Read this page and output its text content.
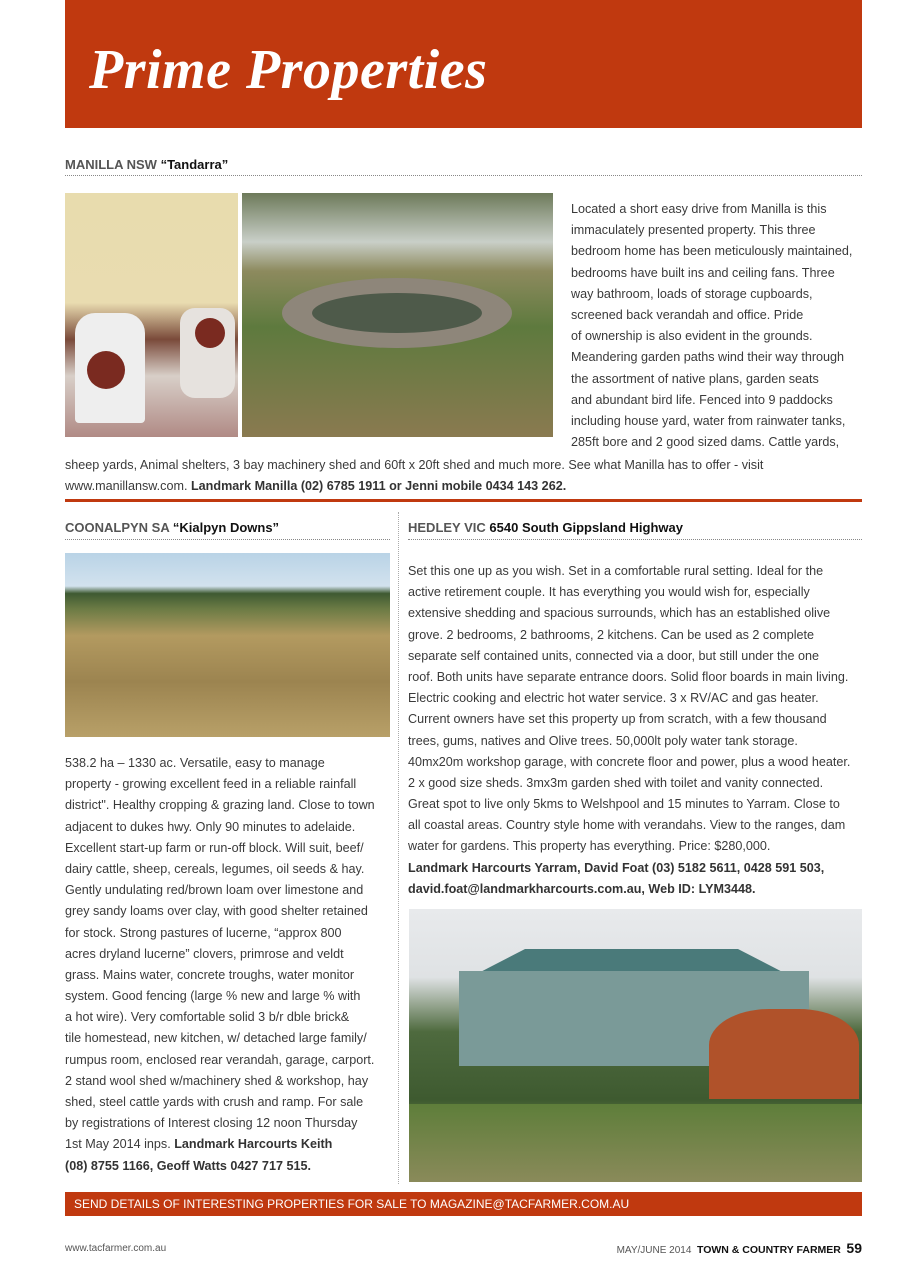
Prime Properties
MANILLA NSW “Tandarra”
Located a short easy drive from Manilla is this
immaculately presented property. This three
bedroom home has been meticulously maintained,
bedrooms have built ins and ceiling fans. Three
way bathroom, loads of storage cupboards,
screened back verandah and office. Pride
of ownership is also evident in the grounds.
Meandering garden paths wind their way through
the assortment of native plans, garden seats
and abundant bird life. Fenced into 9 paddocks
including house yard, water from rainwater tanks,
285ft bore and 2 good sized dams. Cattle yards,
sheep yards, Animal shelters, 3 bay machinery shed and 60ft x 20ft shed and much more. See what Manilla has to offer - visit
www.manillansw.com. Landmark Manilla (02) 6785 1911 or Jenni mobile 0434 143 262.
COONALPYN SA “Kialpyn Downs”
538.2 ha – 1330 ac. Versatile, easy to manage
property - growing excellent feed in a reliable rainfall
district". Healthy cropping & grazing land. Close to town
adjacent to dukes hwy. Only 90 minutes to adelaide.
Excellent start-up farm or run-off block. Will suit, beef/
dairy cattle, sheep, cereals, legumes, oil seeds & hay.
Gently undulating red/brown loam over limestone and
grey sandy loams over clay, with good shelter retained
for stock. Strong pastures of lucerne, “approx 800
acres dryland lucerne” clovers, primrose and veldt
grass. Mains water, concrete troughs, water monitor
system. Good fencing (large % new and large % with
a hot wire). Very comfortable solid 3 b/r dble brick&
tile homestead, new kitchen, w/ detached large family/
rumpus room, enclosed rear verandah, garage, carport.
2 stand wool shed w/machinery shed & workshop, hay
shed, steel cattle yards with crush and ramp. For sale
by registrations of Interest closing 12 noon Thursday
1st May 2014 inps. Landmark Harcourts Keith
(08) 8755 1166, Geoff Watts 0427 717 515.
HEDLEY VIC 6540 South Gippsland Highway
Set this one up as you wish. Set in a comfortable rural setting. Ideal for the
active retirement couple. It has everything you would wish for, especially
extensive shedding and spacious surrounds, which has an established olive
grove. 2 bedrooms, 2 bathrooms, 2 kitchens. Can be used as 2 complete
separate self contained units, connected via a door, but still under the one
roof. Both units have separate entrance doors. Solid floor boards in main living.
Electric cooking and electric hot water service. 3 x RV/AC and gas heater.
Current owners have set this property up from scratch, with a few thousand
trees, gums, natives and Olive trees. 50,000lt poly water tank storage.
40mx20m workshop garage, with concrete floor and power, plus a wood heater.
2 x good size sheds. 3mx3m garden shed with toilet and vanity connected.
Great spot to live only 5kms to Welshpool and 15 minutes to Yarram. Close to
all coastal areas. Country style home with verandahs. View to the ranges, dam
water for gardens. This property has everything. Price: $280,000.
Landmark Harcourts Yarram, David Foat (03) 5182 5611, 0428 591 503,
david.foat@landmarkharcourts.com.au, Web ID: LYM3448.
SEND DETAILS OF INTERESTING PROPERTIES FOR SALE TO MAGAZINE@TACFARMER.COM.AU
www.tacfarmer.com.au	MAY/JUNE 2014 TOWN & COUNTRY FARMER 59
